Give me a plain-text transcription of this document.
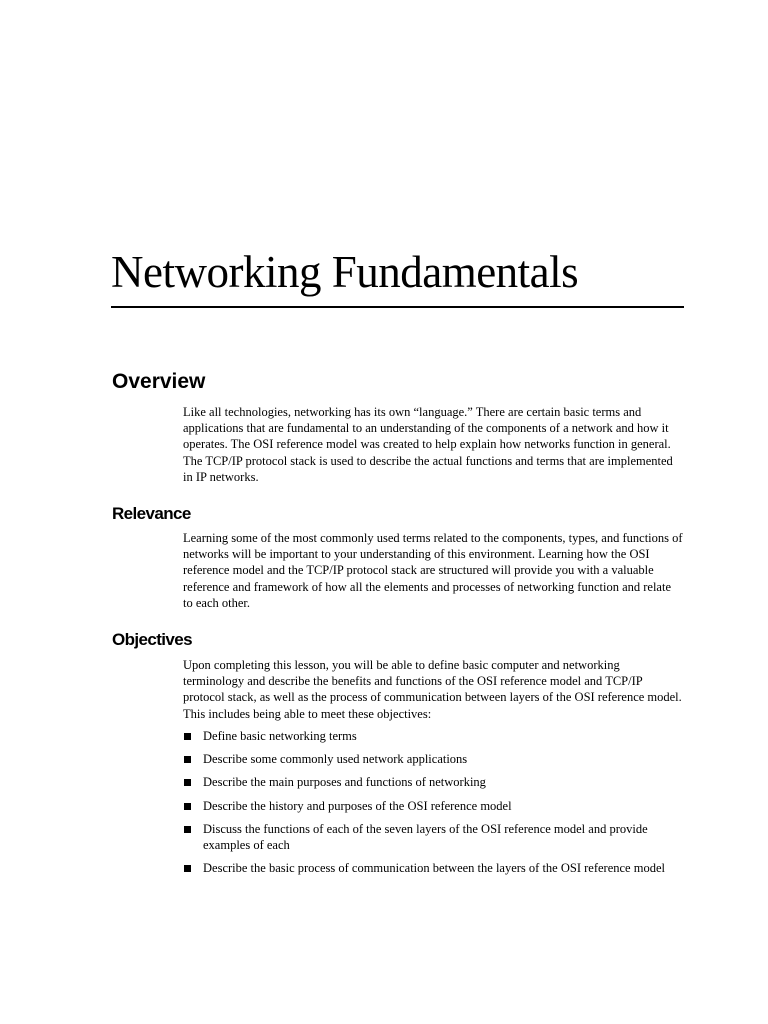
Networking Fundamentals
Overview

Like all technologies, networking has its own “language.” There are certain basic terms and applications that are fundamental to an understanding of the components of a network and how it operates. The OSI reference model was created to help explain how networks function in general. The TCP/IP protocol stack is used to describe the actual functions and terms that are implemented in IP networks.

Relevance

Learning some of the most commonly used terms related to the components, types, and functions of networks will be important to your understanding of this environment. Learning how the OSI reference model and the TCP/IP protocol stack are structured will provide you with a valuable reference and framework of how all the elements and processes of networking function and relate to each other.

Objectives

Upon completing this lesson, you will be able to define basic computer and networking terminology and describe the benefits and functions of the OSI reference model and TCP/IP protocol stack, as well as the process of communication between layers of the OSI reference model. This includes being able to meet these objectives:

Define basic networking terms
Describe some commonly used network applications
Describe the main purposes and functions of networking
Describe the history and purposes of the OSI reference model
Discuss the functions of each of the seven layers of the OSI reference model and provide examples of each
Describe the basic process of communication between the layers of the OSI reference model
